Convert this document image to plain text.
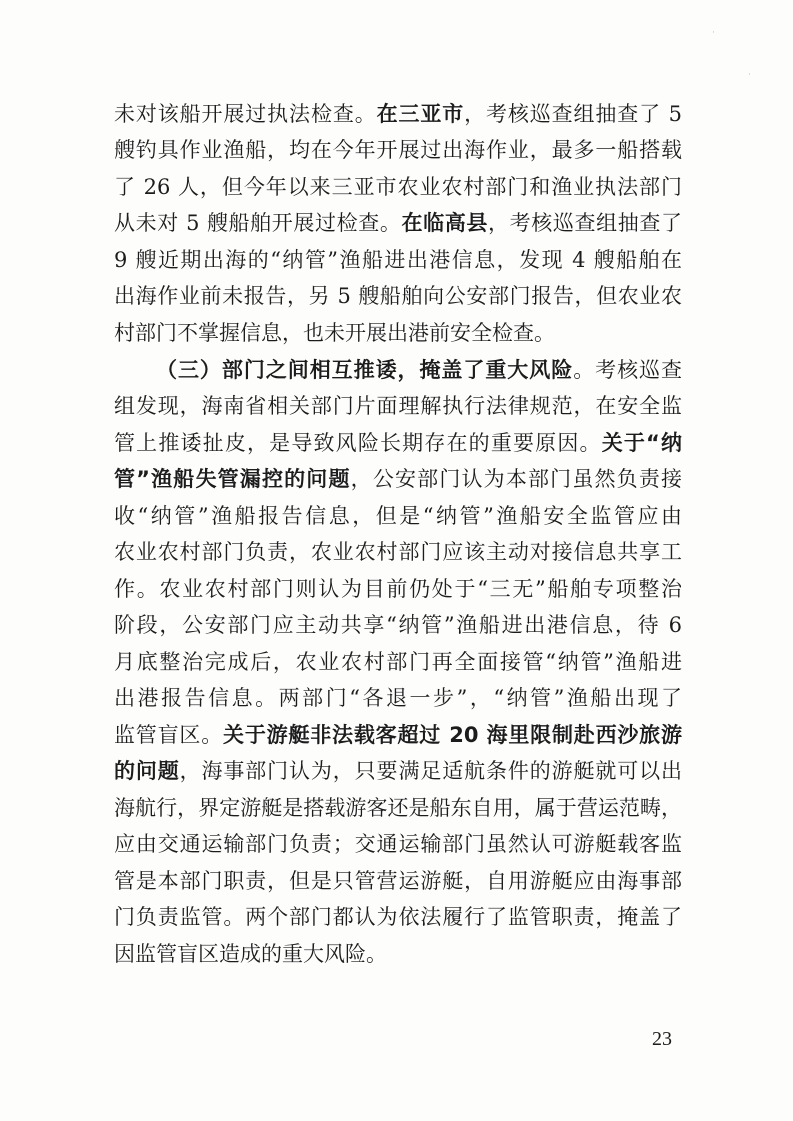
·
·
未对该船开展过执法检查。在三亚市，考核巡查组抽查了 5
艘钓具作业渔船，均在今年开展过出海作业，最多一船搭载
了 26 人，但今年以来三亚市农业农村部门和渔业执法部门
从未对 5 艘船舶开展过检查。在临高县，考核巡查组抽查了
9 艘近期出海的“纳管”渔船进出港信息，发现 4 艘船舶在
出海作业前未报告，另 5 艘船舶向公安部门报告，但农业农
村部门不掌握信息，也未开展出港前安全检查。
（三）部门之间相互推诿，掩盖了重大风险。考核巡查
组发现，海南省相关部门片面理解执行法律规范，在安全监
管上推诿扯皮，是导致风险长期存在的重要原因。关于“纳
管”渔船失管漏控的问题，公安部门认为本部门虽然负责接
收“纳管”渔船报告信息，但是“纳管”渔船安全监管应由
农业农村部门负责，农业农村部门应该主动对接信息共享工
作。农业农村部门则认为目前仍处于“三无”船舶专项整治
阶段，公安部门应主动共享“纳管”渔船进出港信息，待 6
月底整治完成后，农业农村部门再全面接管“纳管”渔船进
出港报告信息。两部门“各退一步”，“纳管”渔船出现了
监管盲区。关于游艇非法载客超过 20 海里限制赴西沙旅游
的问题，海事部门认为，只要满足适航条件的游艇就可以出
海航行，界定游艇是搭载游客还是船东自用，属于营运范畴，
应由交通运输部门负责；交通运输部门虽然认可游艇载客监
管是本部门职责，但是只管营运游艇，自用游艇应由海事部
门负责监管。两个部门都认为依法履行了监管职责，掩盖了
因监管盲区造成的重大风险。
23
